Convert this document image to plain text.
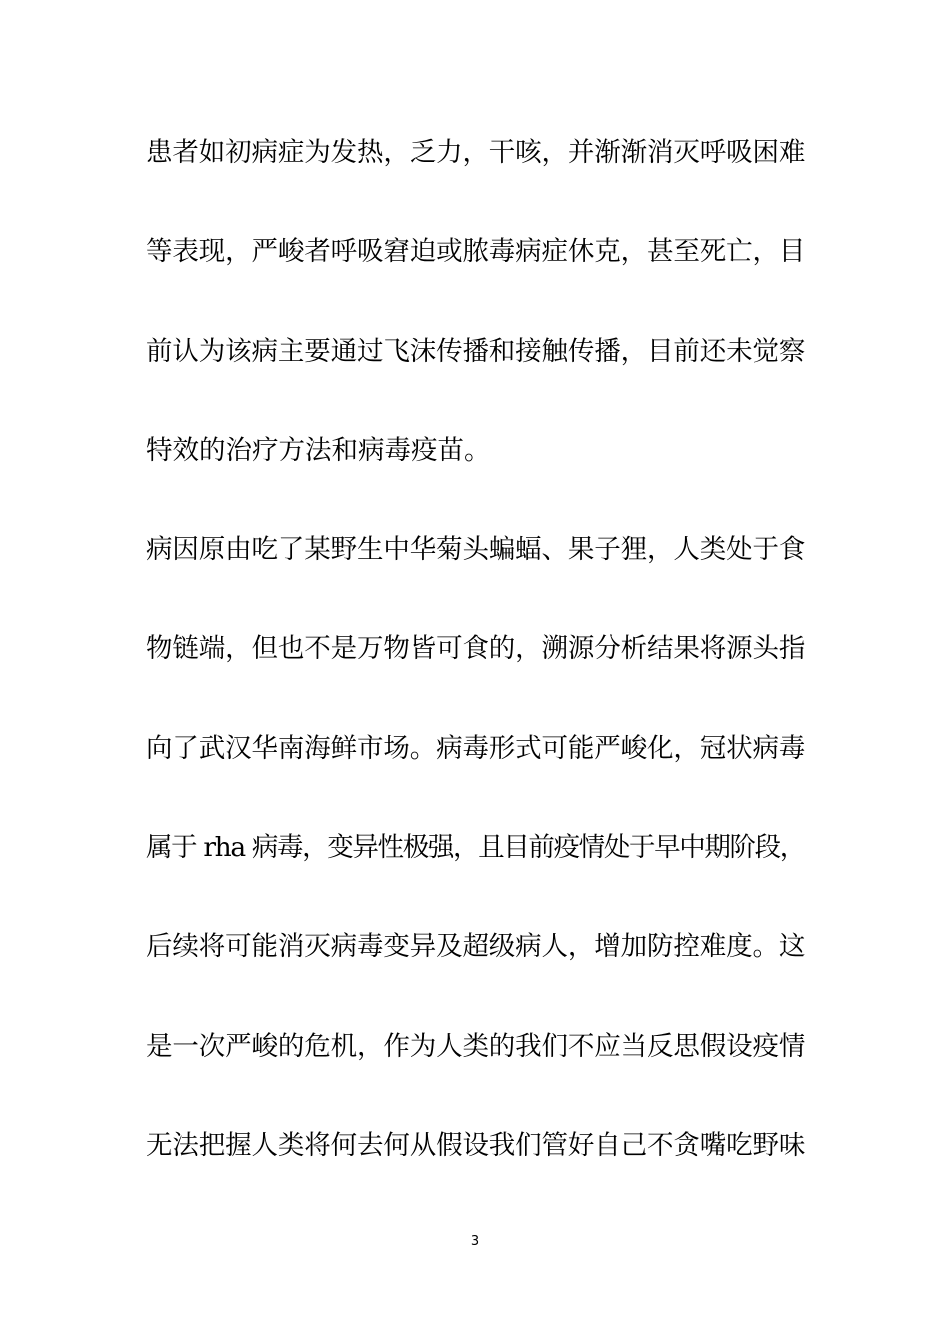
患者如初病症为发热，乏力，干咳，并渐渐消灭呼吸困难
等表现，严峻者呼吸窘迫或脓毒病症休克，甚至死亡，目
前认为该病主要通过飞沫传播和接触传播，目前还未觉察
特效的治疗方法和病毒疫苗。
病因原由吃了某野生中华菊头蝙蝠、果子狸，人类处于食
物链端，但也不是万物皆可食的，溯源分析结果将源头指
向了武汉华南海鲜市场。病毒形式可能严峻化，冠状病毒
属于 rha 病毒，变异性极强，且目前疫情处于早中期阶段，
后续将可能消灭病毒变异及超级病人，增加防控难度。这
是一次严峻的危机，作为人类的我们不应当反思假设疫情
无法把握人类将何去何从假设我们管好自己不贪嘴吃野味
3
